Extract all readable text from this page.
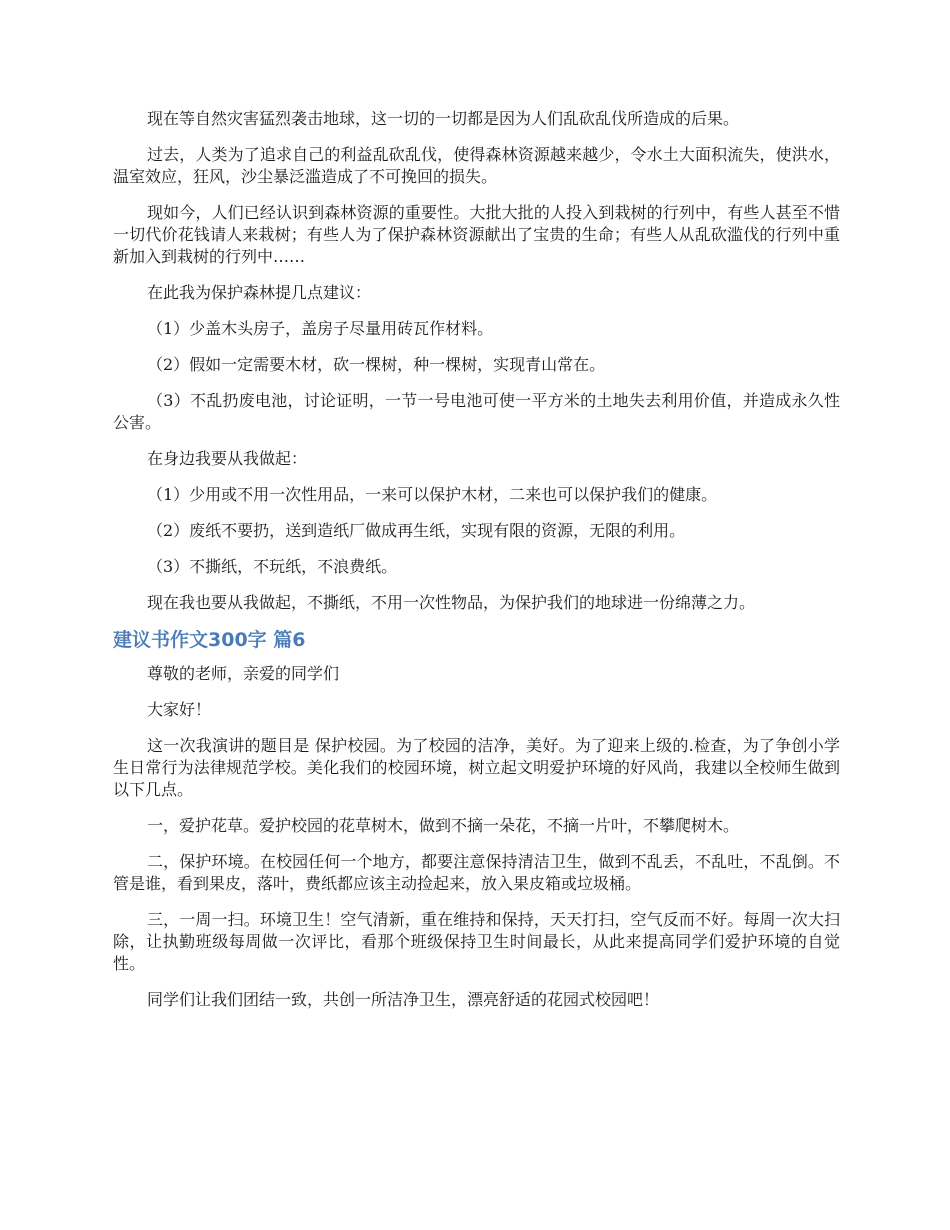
现在等自然灾害猛烈袭击地球，这一切的一切都是因为人们乱砍乱伐所造成的后果。

过去，人类为了追求自己的利益乱砍乱伐，使得森林资源越来越少，令水土大面积流失，使洪水，温室效应，狂风，沙尘暴泛滥造成了不可挽回的损失。

现如今，人们已经认识到森林资源的重要性。大批大批的人投入到栽树的行列中，有些人甚至不惜一切代价花钱请人来栽树；有些人为了保护森林资源献出了宝贵的生命；有些人从乱砍滥伐的行列中重新加入到栽树的行列中……

在此我为保护森林提几点建议：

（1）少盖木头房子，盖房子尽量用砖瓦作材料。

（2）假如一定需要木材，砍一棵树，种一棵树，实现青山常在。

（3）不乱扔废电池，讨论证明，一节一号电池可使一平方米的土地失去利用价值，并造成永久性公害。

在身边我要从我做起：

（1）少用或不用一次性用品，一来可以保护木材，二来也可以保护我们的健康。

（2）废纸不要扔，送到造纸厂做成再生纸，实现有限的资源，无限的利用。

（3）不撕纸，不玩纸，不浪费纸。

现在我也要从我做起，不撕纸，不用一次性物品，为保护我们的地球进一份绵薄之力。

建议书作文300字 篇6

尊敬的老师，亲爱的同学们

大家好！

这一次我演讲的题目是 保护校园。为了校园的洁净，美好。为了迎来上级的.检查，为了争创小学生日常行为法律规范学校。美化我们的校园环境，树立起文明爱护环境的好风尚，我建以全校师生做到以下几点。

一，爱护花草。爱护校园的花草树木，做到不摘一朵花，不摘一片叶，不攀爬树木。

二，保护环境。在校园任何一个地方，都要注意保持清洁卫生，做到不乱丢，不乱吐，不乱倒。不管是谁，看到果皮，落叶，费纸都应该主动捡起来，放入果皮箱或垃圾桶。

三，一周一扫。环境卫生！空气清新，重在维持和保持，天天打扫，空气反而不好。每周一次大扫除，让执勤班级每周做一次评比，看那个班级保持卫生时间最长，从此来提高同学们爱护环境的自觉性。

同学们让我们团结一致，共创一所洁净卫生，漂亮舒适的花园式校园吧！
